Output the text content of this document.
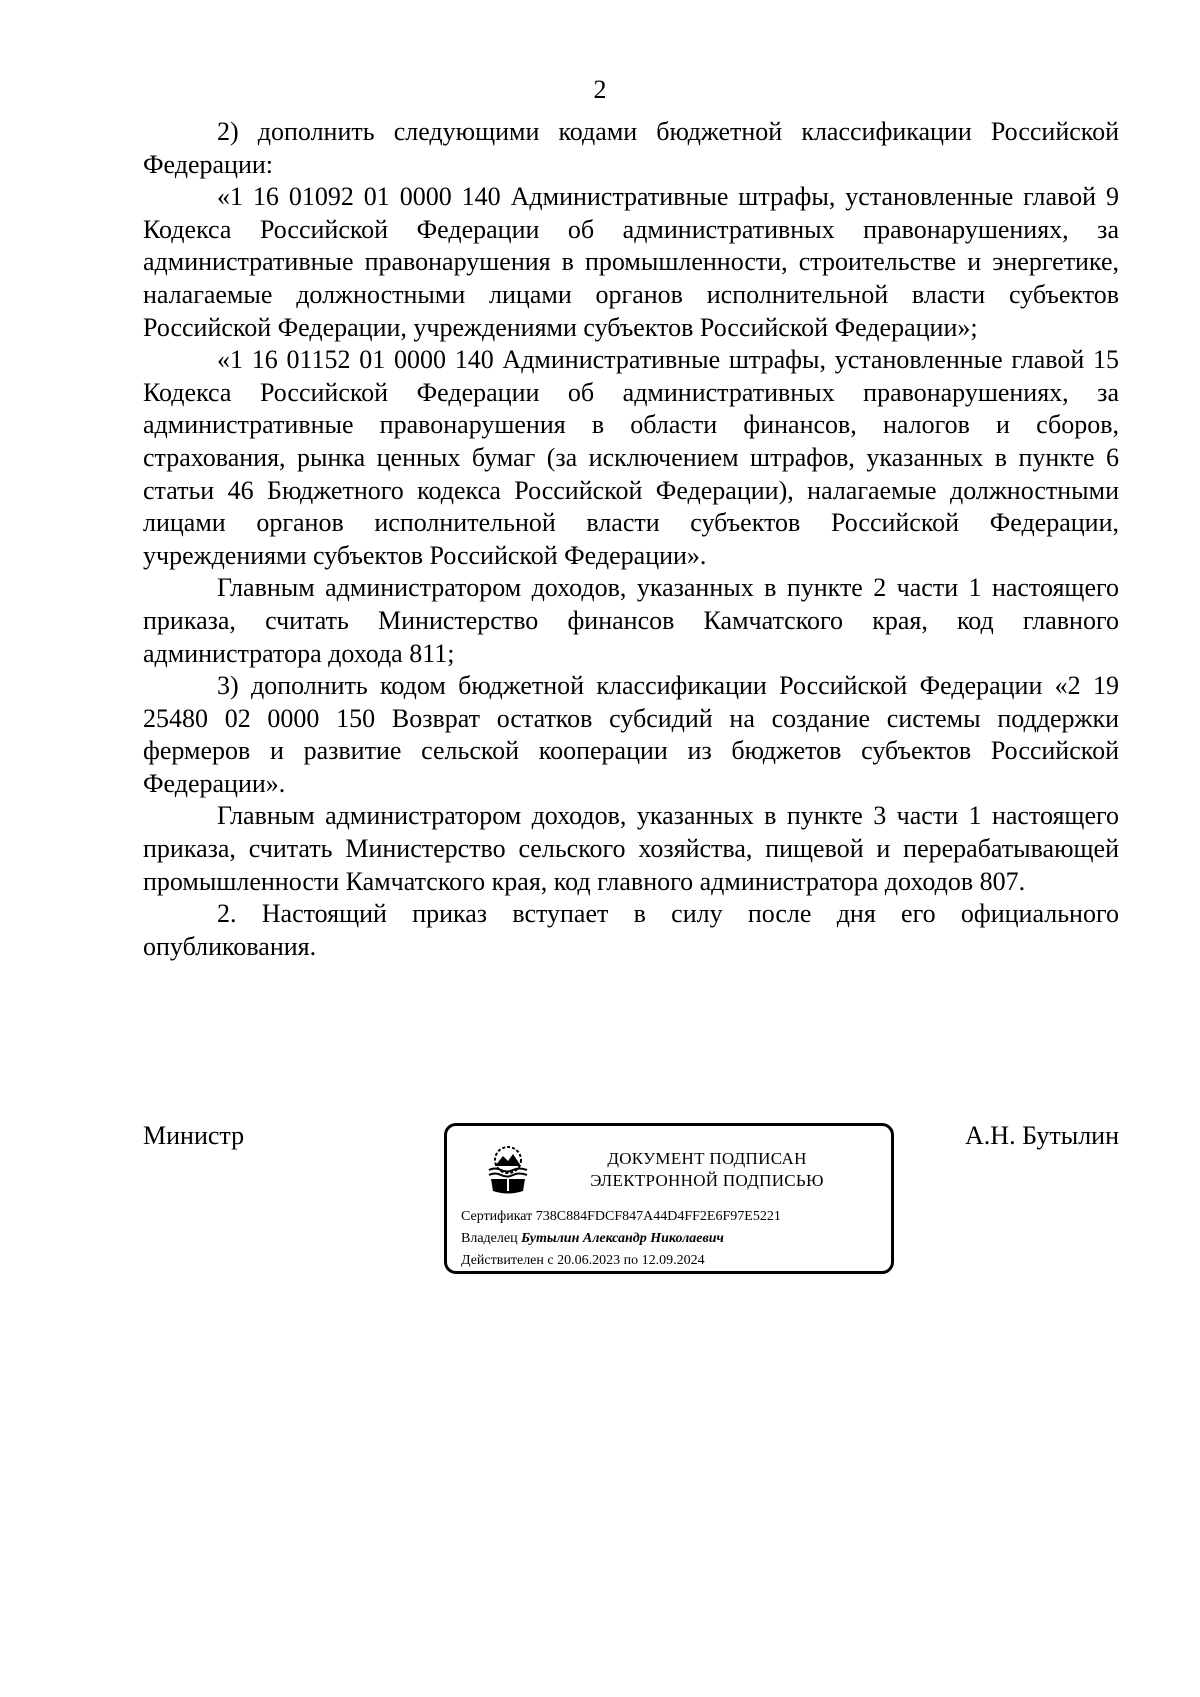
2

2) дополнить следующими кодами бюджетной классификации Российской Федерации:

«1 16 01092 01 0000 140 Административные штрафы, установленные главой 9 Кодекса Российской Федерации об административных правонарушениях, за административные правонарушения в промышленности, строительстве и энергетике, налагаемые должностными лицами органов исполнительной власти субъектов Российской Федерации, учреждениями субъектов Российской Федерации»;

«1 16 01152 01 0000 140 Административные штрафы, установленные главой 15 Кодекса Российской Федерации об административных правонарушениях, за административные правонарушения в области финансов, налогов и сборов, страхования, рынка ценных бумаг (за исключением штрафов, указанных в пункте 6 статьи 46 Бюджетного кодекса Российской Федерации), налагаемые должностными лицами органов исполнительной власти субъектов Российской Федерации, учреждениями субъектов Российской Федерации».

Главным администратором доходов, указанных в пункте 2 части 1 настоящего приказа, считать Министерство финансов Камчатского края, код главного администратора дохода 811;

3) дополнить кодом бюджетной классификации Российской Федерации «2 19 25480 02 0000 150 Возврат остатков субсидий на создание системы поддержки фермеров и развитие сельской кооперации из бюджетов субъектов Российской Федерации».

Главным администратором доходов, указанных в пункте 3 части 1 настоящего приказа, считать Министерство сельского хозяйства, пищевой и перерабатывающей промышленности Камчатского края, код главного администратора доходов 807.

2. Настоящий приказ вступает в силу после дня его официального опубликования.

Министр	А.Н. Бутылин
ДОКУМЕНТ ПОДПИСАН
ЭЛЕКТРОННОЙ ПОДПИСЬЮ
Сертификат 738C884FDCF847A44D4FF2E6F97E5221
Владелец Бутылин Александр Николаевич
Действителен с 20.06.2023 по 12.09.2024
